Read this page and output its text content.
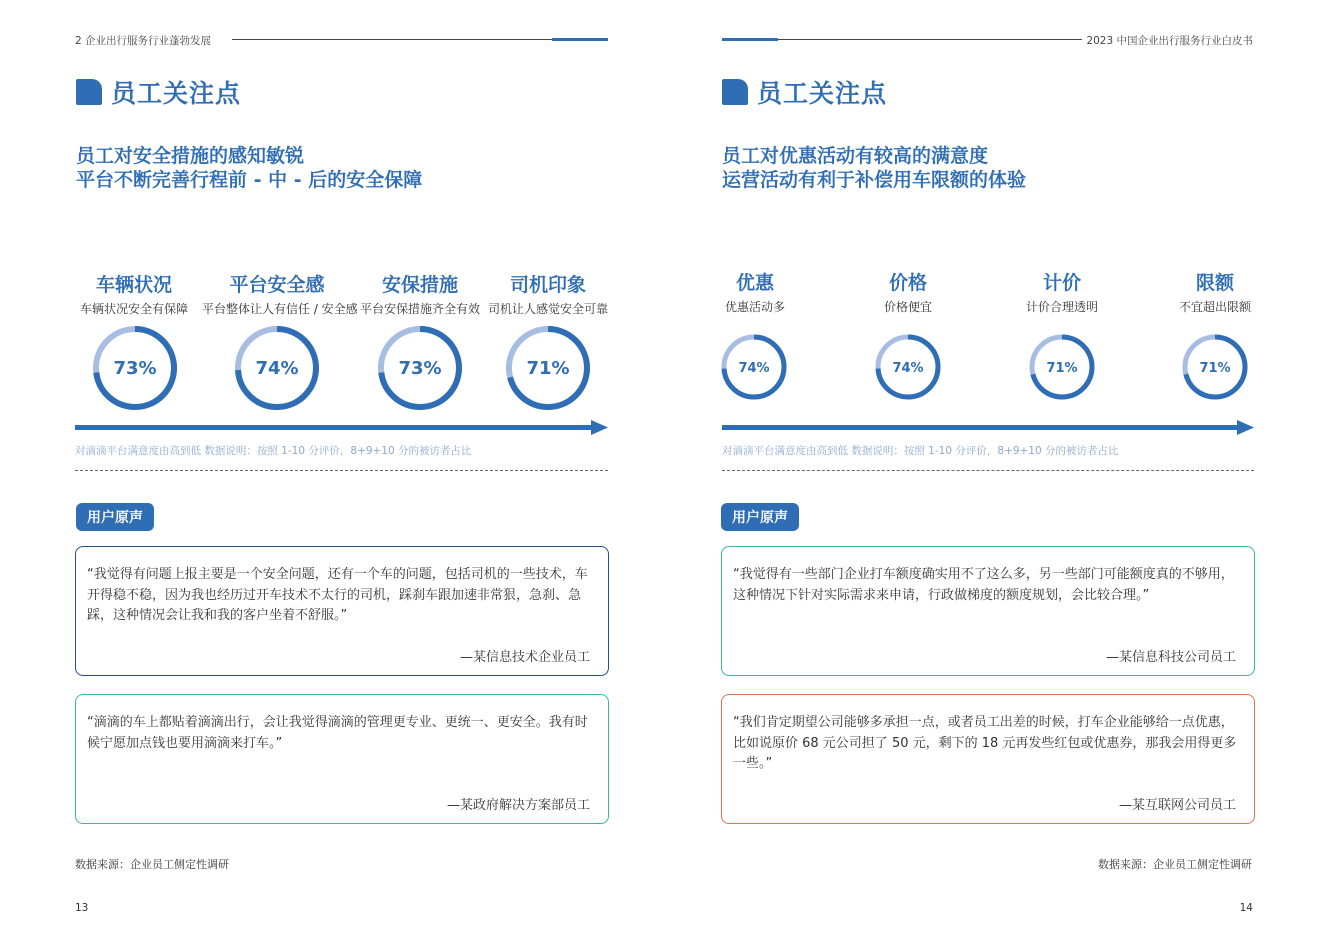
2 企业出行服务行业蓬勃发展
员工关注点
员工对安全措施的感知敏锐
平台不断完善行程前 - 中 - 后的安全保障
车辆状况
车辆状况安全有保障
平台安全感
平台整体让人有信任 / 安全感
安保措施
平台安保措施齐全有效
司机印象
司机让人感觉安全可靠
73%	74%	73%	71%
对滴滴平台满意度由高到低 数据说明：按照 1-10 分评价，8+9+10 分的被访者占比
用户原声
“我觉得有问题上报主要是一个安全问题，还有一个车的问题，包括司机的一些技术，车开得稳不稳，因为我也经历过开车技术不太行的司机，踩刹车跟加速非常狠，急刹、急踩，这种情况会让我和我的客户坐着不舒服。”
—某信息技术企业员工
“滴滴的车上都贴着滴滴出行，会让我觉得滴滴的管理更专业、更统一、更安全。我有时候宁愿加点钱也要用滴滴来打车。”
—某政府解决方案部员工
数据来源：企业员工侧定性调研
13
2023 中国企业出行服务行业白皮书
员工关注点
员工对优惠活动有较高的满意度
运营活动有利于补偿用车限额的体验
优惠
优惠活动多
价格
价格便宜
计价
计价合理透明
限额
不宜超出限额
74%	74%	71%	71%
对滴滴平台满意度由高到低 数据说明：按照 1-10 分评价，8+9+10 分的被访者占比
用户原声
“我觉得有一些部门企业打车额度确实用不了这么多，另一些部门可能额度真的不够用，这种情况下针对实际需求来申请，行政做梯度的额度规划，会比较合理。”
—某信息科技公司员工
“我们肯定期望公司能够多承担一点，或者员工出差的时候，打车企业能够给一点优惠，比如说原价 68 元公司担了 50 元，剩下的 18 元再发些红包或优惠券，那我会用得更多一些。”
—某互联网公司员工
数据来源：企业员工侧定性调研
14
